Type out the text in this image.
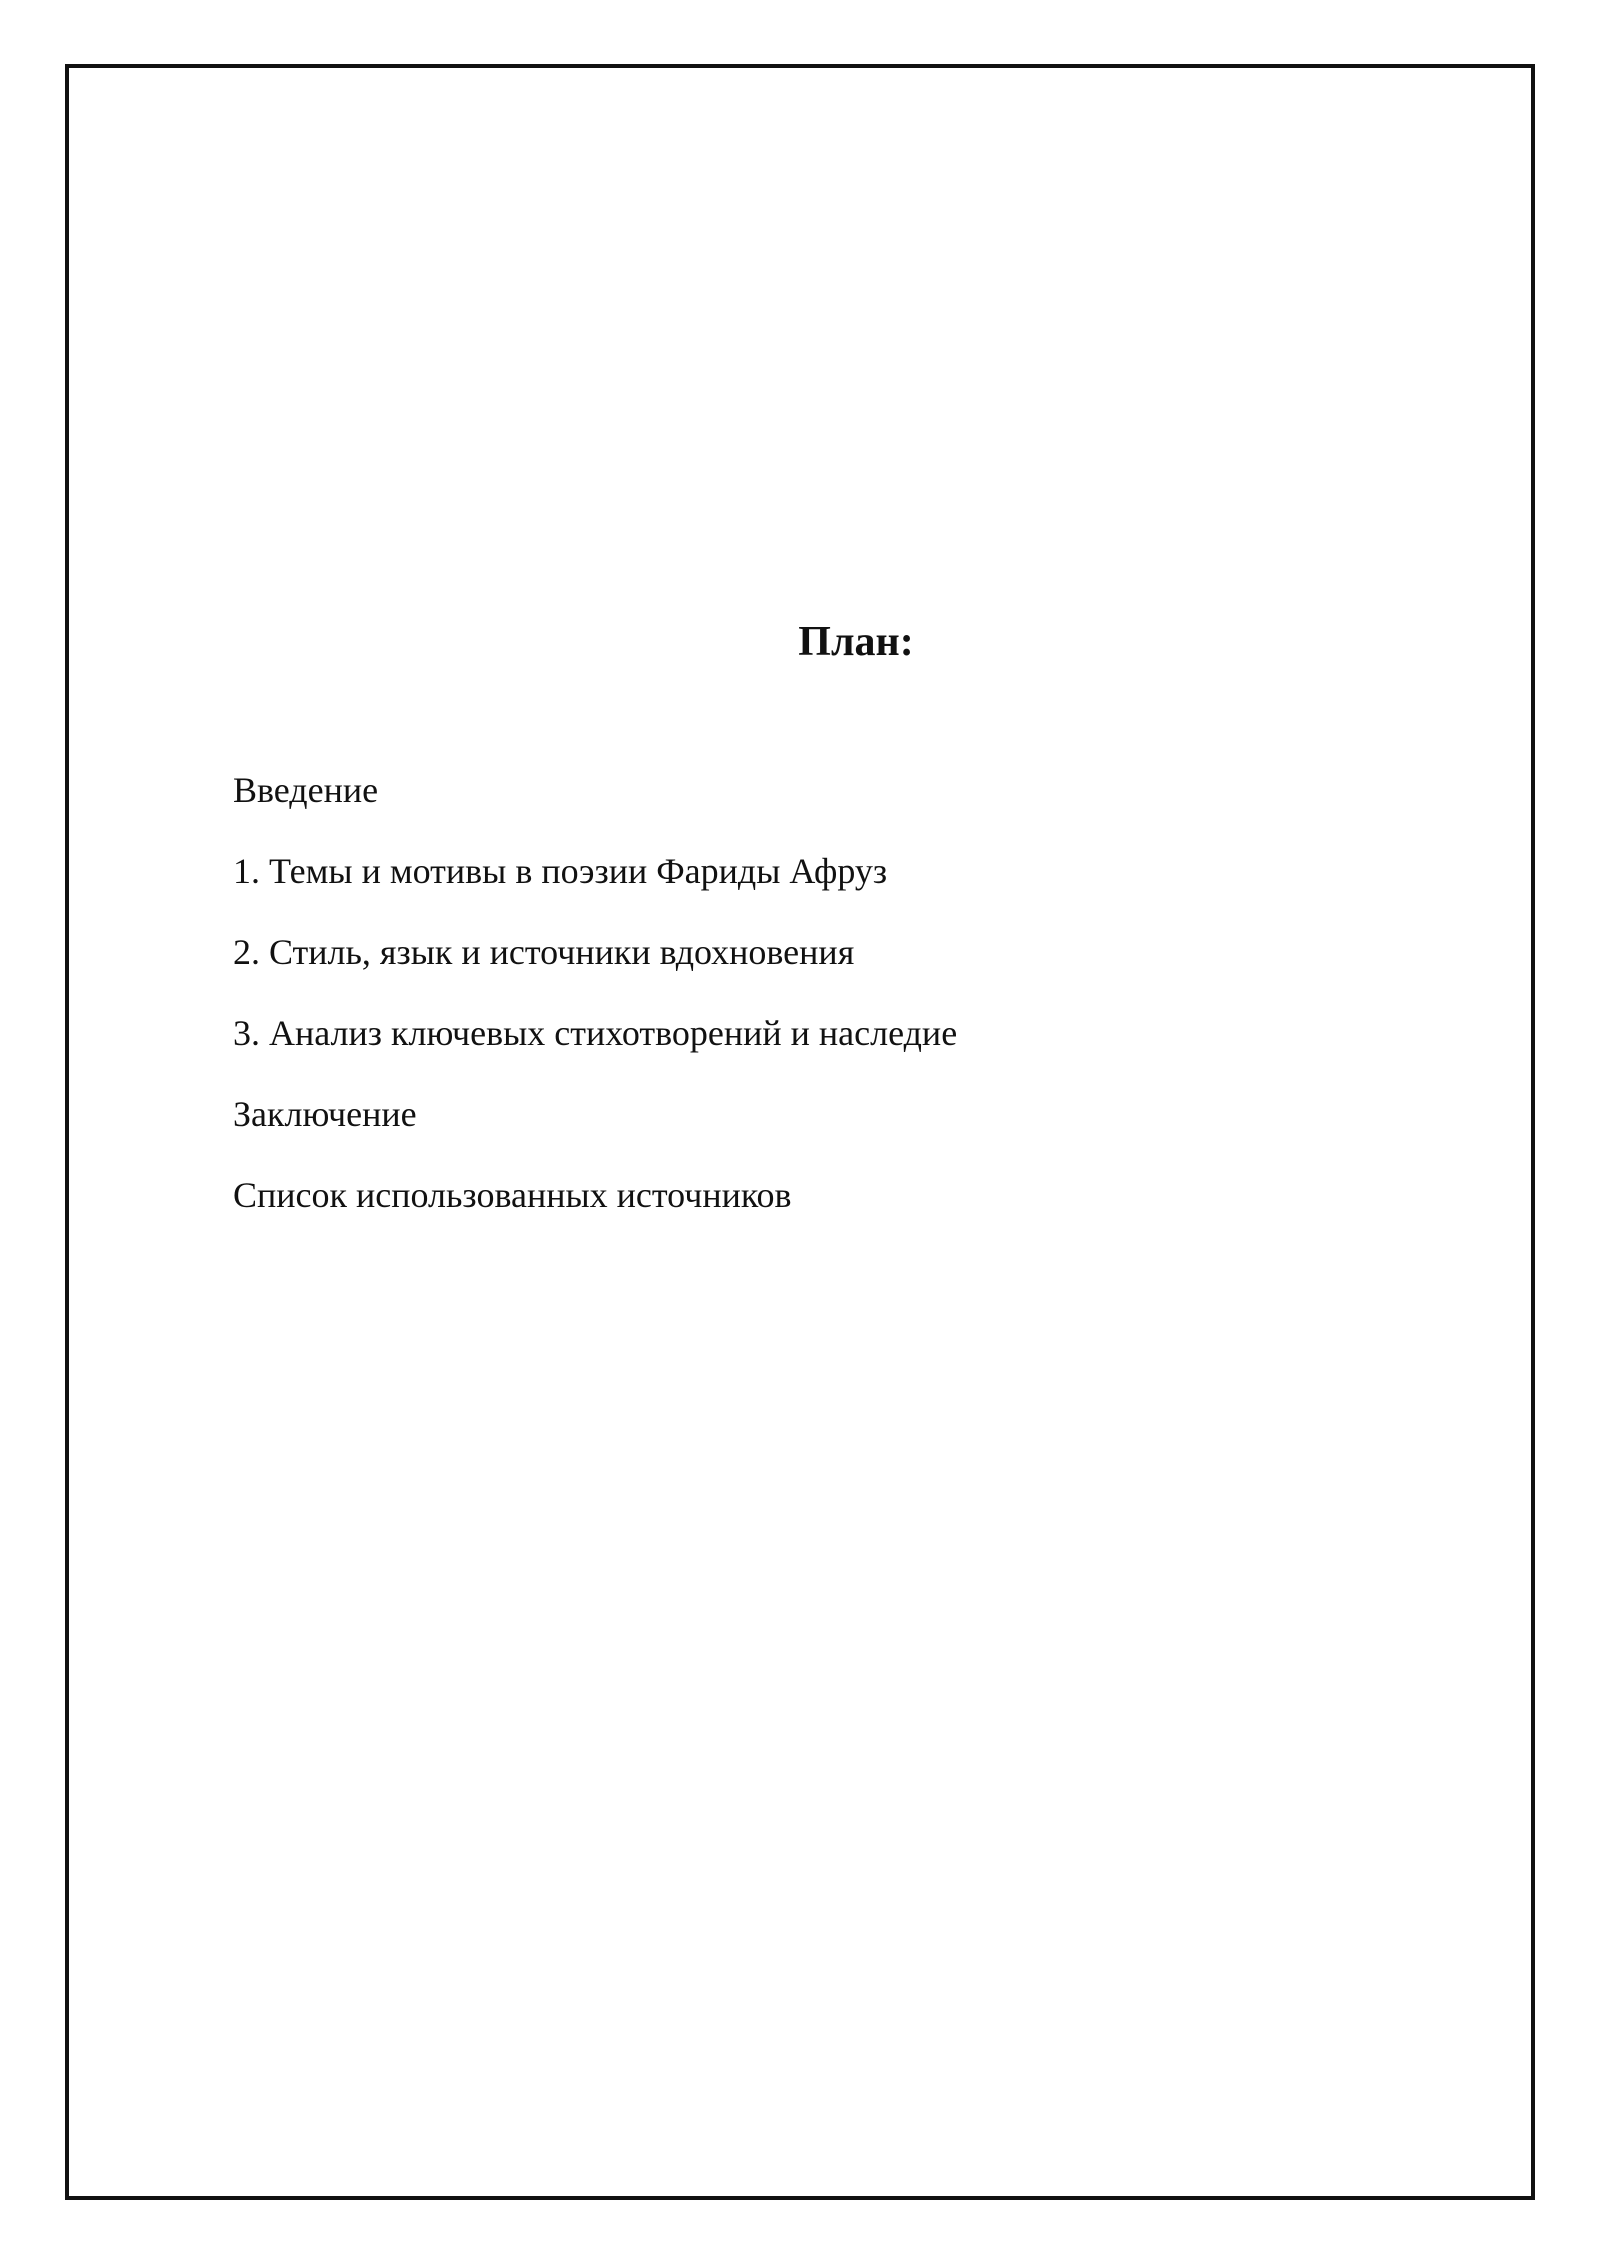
План:
Введение
1. Темы и мотивы в поэзии Фариды Афруз
2. Стиль, язык и источники вдохновения
3. Анализ ключевых стихотворений и наследие
Заключение
Список использованных источников
